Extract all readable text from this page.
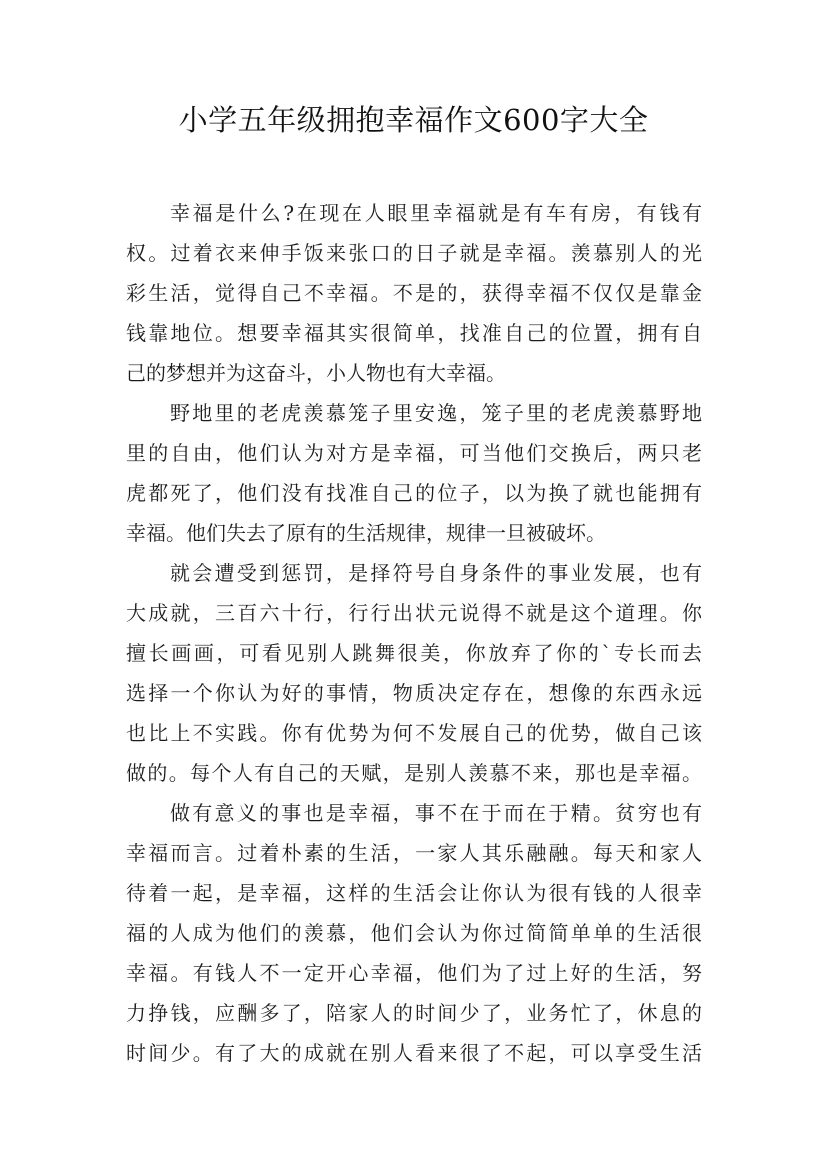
小学五年级拥抱幸福作文600字大全
幸福是什么?在现在人眼里幸福就是有车有房，有钱有
权。过着衣来伸手饭来张口的日子就是幸福。羡慕别人的光
彩生活，觉得自己不幸福。不是的，获得幸福不仅仅是靠金
钱靠地位。想要幸福其实很简单，找准自己的位置，拥有自
己的梦想并为这奋斗，小人物也有大幸福。
野地里的老虎羡慕笼子里安逸，笼子里的老虎羡慕野地
里的自由，他们认为对方是幸福，可当他们交换后，两只老
虎都死了，他们没有找准自己的位子，以为换了就也能拥有
幸福。他们失去了原有的生活规律，规律一旦被破坏。
就会遭受到惩罚，是择符号自身条件的事业发展，也有
大成就，三百六十行，行行出状元说得不就是这个道理。你
擅长画画，可看见别人跳舞很美，你放弃了你的`专长而去
选择一个你认为好的事情，物质决定存在，想像的东西永远
也比上不实践。你有优势为何不发展自己的优势，做自己该
做的。每个人有自己的天赋，是别人羡慕不来，那也是幸福。
做有意义的事也是幸福，事不在于而在于精。贫穷也有
幸福而言。过着朴素的生活，一家人其乐融融。每天和家人
待着一起，是幸福，这样的生活会让你认为很有钱的人很幸
福的人成为他们的羡慕，他们会认为你过简简单单的生活很
幸福。有钱人不一定开心幸福，他们为了过上好的生活，努
力挣钱，应酬多了，陪家人的时间少了，业务忙了，休息的
时间少。有了大的成就在别人看来很了不起，可以享受生活
